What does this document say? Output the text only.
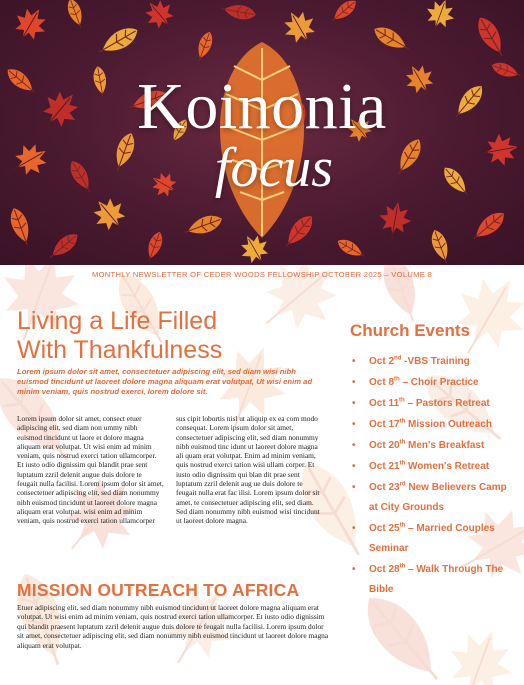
Koinonia
focus
MONTHLY NEWSLETTER OF CEDER WOODS FELLOWSHIP OCTOBER 2025 – VOLUME 8
Living a Life Filled
With Thankfulness

Lorem ipsum dolor sit amet, consectetuer adipiscing elit, sed diam wisi nibh euismod tincidunt ut laoreet dolore magna aliquam erat volutpat, Ut wisi enim ad minim veniam, quis nostrud exerci, lorem dolore sit.

Lorem ipsum dolor sit amet, consect etuer adipiscing elit, sed diam non ummy nibh euismod tincidunt ut laore et dolore magna aliquam erat volutpat. Ut wisi enim ad minim veniam, quis nostrud exerci tation ullamcorper. Et iusto odio dignissim qui blandit prae sent luptatum zzril delenit augue duis dolore te feugait nulla facilisi. Lorem ipsum dolor sit amet, consectetuer adipiscing elit, sed diam nonummy nibh euismod tincidunt ut laoreet dolore magna aliquam erat volutpat. wisi enim ad minim veniam, quis nostrud exerci tation ullamcorper

sus cipit lobortis nisl ut aliquip ex ea com modo consequat. Lorem ipsum dolor sit amet, consectetuer adipiscing elit, sed diam nonummy nibh euismod tinc idunt ut laoreet dolore magna ali quam erat volutpat. Enim ad minim veniam, quis nostrud exerci tation wisi ullam corper. Et iusto odio dignissim qui blan dit prae sent luptatum zzril delenit aug ue duis dolore te feugait nulla erat fac ilisi. Lorem ipsum dolor sit amet, te consectetuer adipiscing elit, sed diam. Sed diam nonummy nibh euismod wisi tincidunt ut laoreet dolore magna.

MISSION OUTREACH TO AFRICA

Etuer adipiscing elit, sed diam nonummy nibh euismod tincidunt ut laoreet dolore magna aliquam erat volutpat. Ut wisi enim ad minim veniam, quis nostrud exerci tation ullamcorper. Et iusto odio dignissim qui blandit praesent luptatum zzril delenit augue duis dolore te feugait nulla facilisi. Lorem ipsum dolor sit amet, consectetuer adipiscing elit, sed diam nonummy nibh euismod tincidunt ut laoreet dolore magna aliquam erat volutpat.

Church Events
• Oct 2nd -VBS Training
• Oct 8th – Choir Practice
• Oct 11th – Pastors Retreat
• Oct 17th Mission Outreach
• Oct 20th Men's Breakfast
• Oct 21th Women's Retreat
• Oct 23rd New Believers Camp at City Grounds
• Oct 25th – Married Couples Seminar
• Oct 28th – Walk Through The Bible
